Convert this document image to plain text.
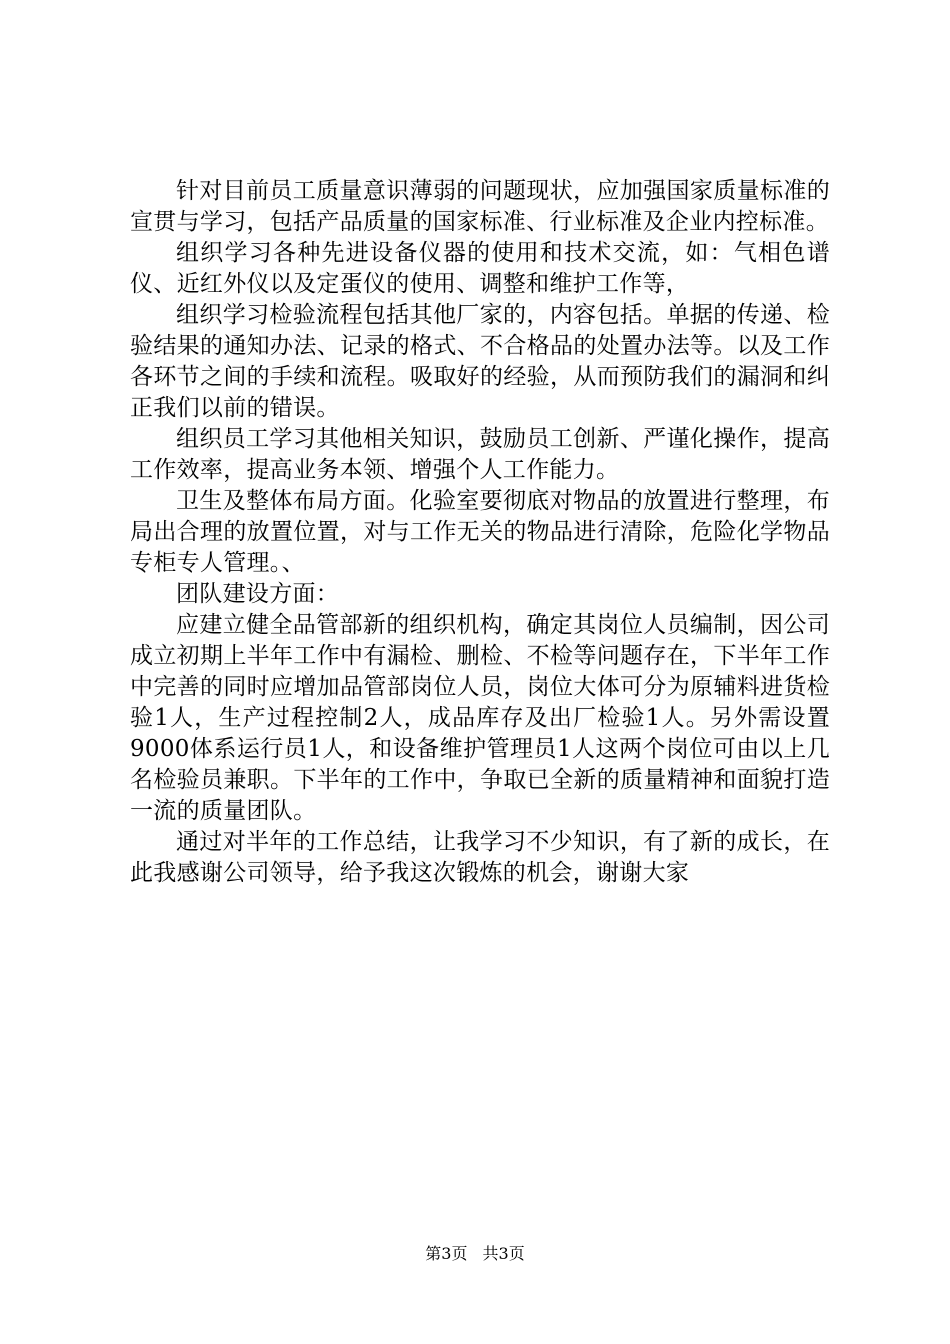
针对目前员工质量意识薄弱的问题现状，应加强国家质量标准的宣贯与学习，包括产品质量的国家标准、行业标准及企业内控标准。

组织学习各种先进设备仪器的使用和技术交流，如：气相色谱仪、近红外仪以及定蛋仪的使用、调整和维护工作等，

组织学习检验流程包括其他厂家的，内容包括。单据的传递、检验结果的通知办法、记录的格式、不合格品的处置办法等。以及工作各环节之间的手续和流程。吸取好的经验，从而预防我们的漏洞和纠正我们以前的错误。

组织员工学习其他相关知识，鼓励员工创新、严谨化操作，提高工作效率，提高业务本领、增强个人工作能力。

卫生及整体布局方面。化验室要彻底对物品的放置进行整理，布局出合理的放置位置，对与工作无关的物品进行清除，危险化学物品专柜专人管理。、

团队建设方面：

应建立健全品管部新的组织机构，确定其岗位人员编制，因公司成立初期上半年工作中有漏检、删检、不检等问题存在，下半年工作中完善的同时应增加品管部岗位人员，岗位大体可分为原辅料进货检验1人，生产过程控制2人，成品库存及出厂检验1人。另外需设置9000体系运行员1人，和设备维护管理员1人这两个岗位可由以上几名检验员兼职。下半年的工作中，争取已全新的质量精神和面貌打造一流的质量团队。

通过对半年的工作总结，让我学习不少知识，有了新的成长，在此我感谢公司领导，给予我这次锻炼的机会，谢谢大家

第3页 共3页
